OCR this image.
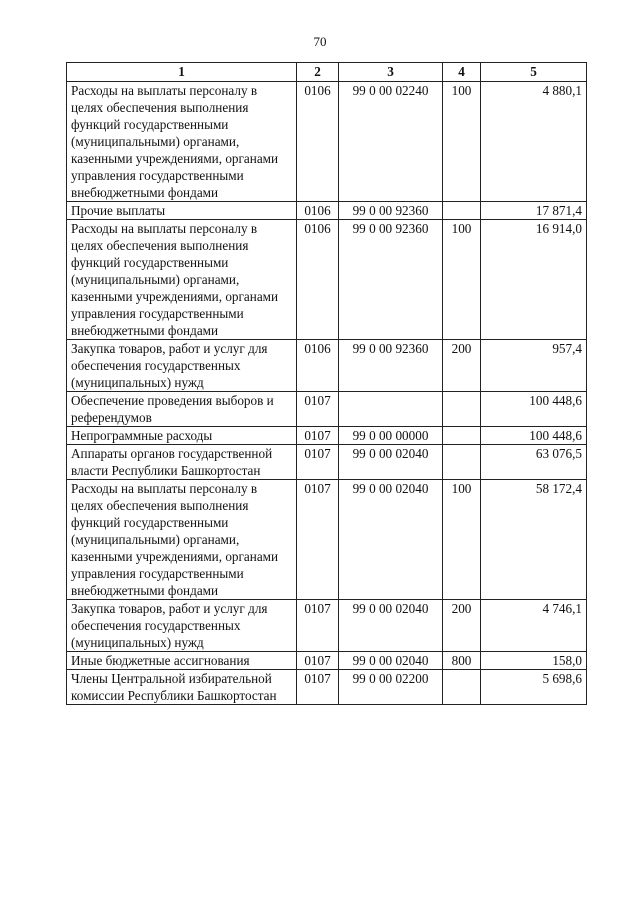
70
1	2	3	4	5
Расходы на выплаты персоналу в целях обеспечения выполнения функций государственными (муниципальными) органами, казенными учреждениями, органами управления государственными внебюджетными фондами	0106	99 0 00 02240	100	4 880,1
Прочие выплаты	0106	99 0 00 92360		17 871,4
Расходы на выплаты персоналу в целях обеспечения выполнения функций государственными (муниципальными) органами, казенными учреждениями, органами управления государственными внебюджетными фондами	0106	99 0 00 92360	100	16 914,0
Закупка товаров, работ и услуг для обеспечения государственных (муниципальных) нужд	0106	99 0 00 92360	200	957,4
Обеспечение проведения выборов и референдумов	0107			100 448,6
Непрограммные расходы	0107	99 0 00 00000		100 448,6
Аппараты органов государственной власти Республики Башкортостан	0107	99 0 00 02040		63 076,5
Расходы на выплаты персоналу в целях обеспечения выполнения функций государственными (муниципальными) органами, казенными учреждениями, органами управления государственными внебюджетными фондами	0107	99 0 00 02040	100	58 172,4
Закупка товаров, работ и услуг для обеспечения государственных (муниципальных) нужд	0107	99 0 00 02040	200	4 746,1
Иные бюджетные ассигнования	0107	99 0 00 02040	800	158,0
Члены Центральной избирательной комиссии Республики Башкортостан	0107	99 0 00 02200		5 698,6
